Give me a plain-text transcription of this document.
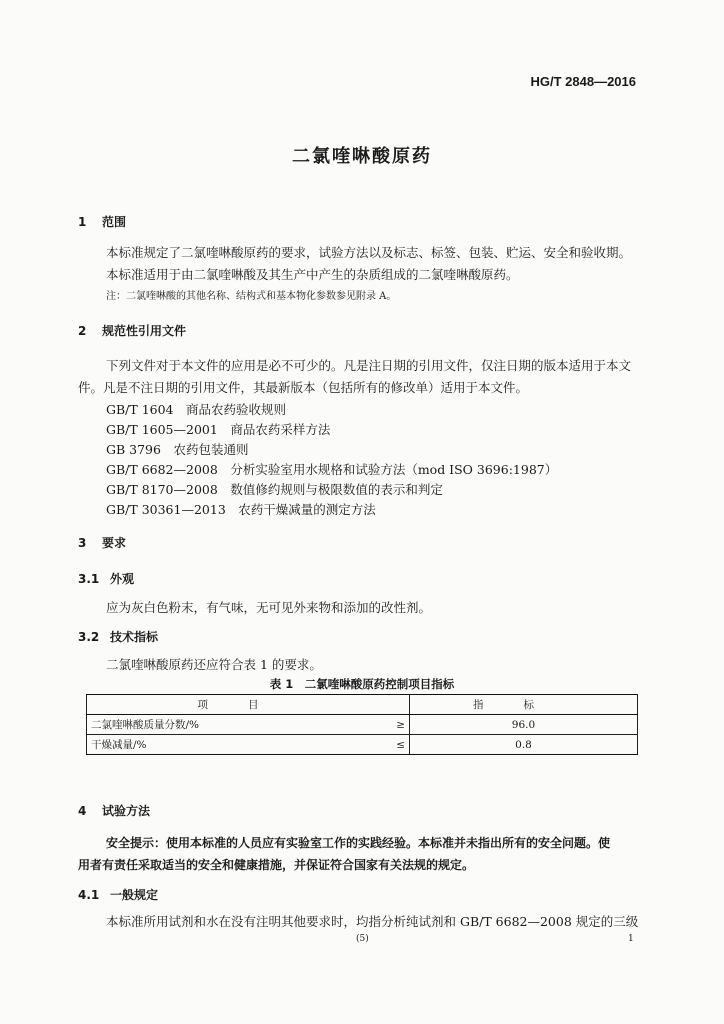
HG/T 2848—2016
二氯喹啉酸原药
1 范围
本标准规定了二氯喹啉酸原药的要求，试验方法以及标志、标签、包装、贮运、安全和验收期。
本标准适用于由二氯喹啉酸及其生产中产生的杂质组成的二氯喹啉酸原药。
注：二氯喹啉酸的其他名称、结构式和基本物化参数参见附录 A。
2 规范性引用文件
下列文件对于本文件的应用是必不可少的。凡是注日期的引用文件，仅注日期的版本适用于本文
件。凡是不注日期的引用文件，其最新版本（包括所有的修改单）适用于本文件。
GB/T 1604　商品农药验收规则
GB/T 1605—2001　商品农药采样方法
GB 3796　农药包装通则
GB/T 6682—2008　分析实验室用水规格和试验方法（mod ISO 3696:1987）
GB/T 8170—2008　数值修约规则与极限数值的表示和判定
GB/T 30361—2013　农药干燥减量的测定方法
3 要求
3.1 外观
应为灰白色粉末，有气味，无可见外来物和添加的改性剂。
3.2 技术指标
二氯喹啉酸原药还应符合表 1 的要求。
表 1　二氯喹啉酸原药控制项目指标
项目		指标
二氯喹啉酸质量分数/%	≥	96.0
干燥减量/%	≤	0.8
4 试验方法
安全提示：使用本标准的人员应有实验室工作的实践经验。本标准并未指出所有的安全问题。使
用者有责任采取适当的安全和健康措施，并保证符合国家有关法规的规定。
4.1 一般规定
本标准所用试剂和水在没有注明其他要求时，均指分析纯试剂和 GB/T 6682—2008 规定的三级
(5)	1
